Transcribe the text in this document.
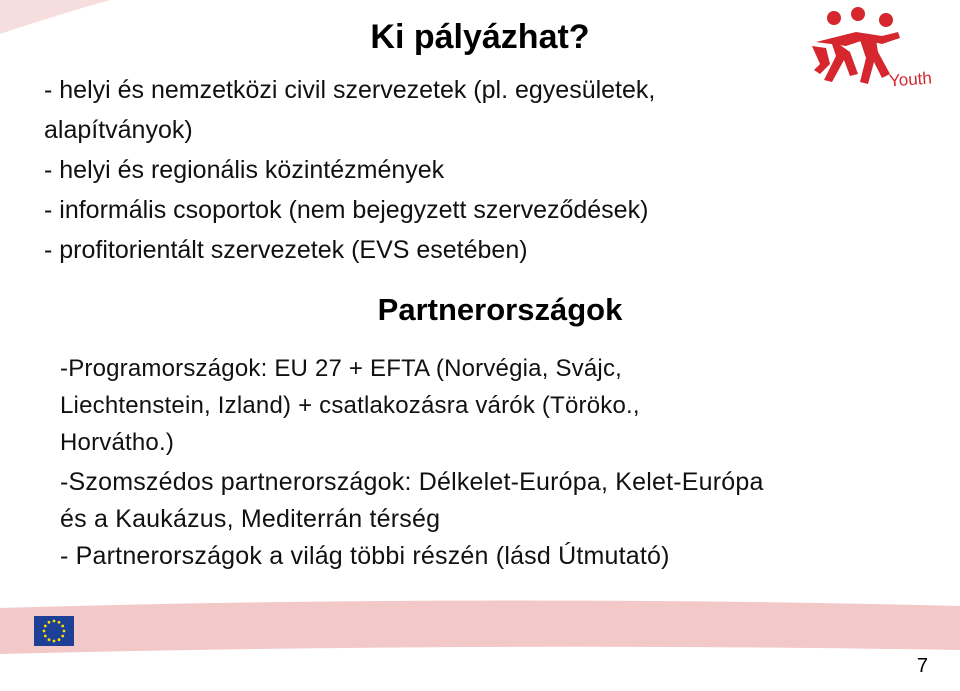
Youth
Ki pályázhat?
- helyi és nemzetközi civil szervezetek (pl. egyesületek,
alapítványok)
- helyi és regionális közintézmények
- informális csoportok (nem bejegyzett szerveződések)
- profitorientált szervezetek (EVS esetében)
Partnerországok
-Programországok: EU 27 + EFTA (Norvégia, Svájc,
Liechtenstein, Izland) + csatlakozásra várók (Töröko.,
Horvátho.)
-Szomszédos partnerországok: Délkelet-Európa, Kelet-Európa
és a Kaukázus, Mediterrán térség
- Partnerországok a világ többi részén (lásd Útmutató)
7
